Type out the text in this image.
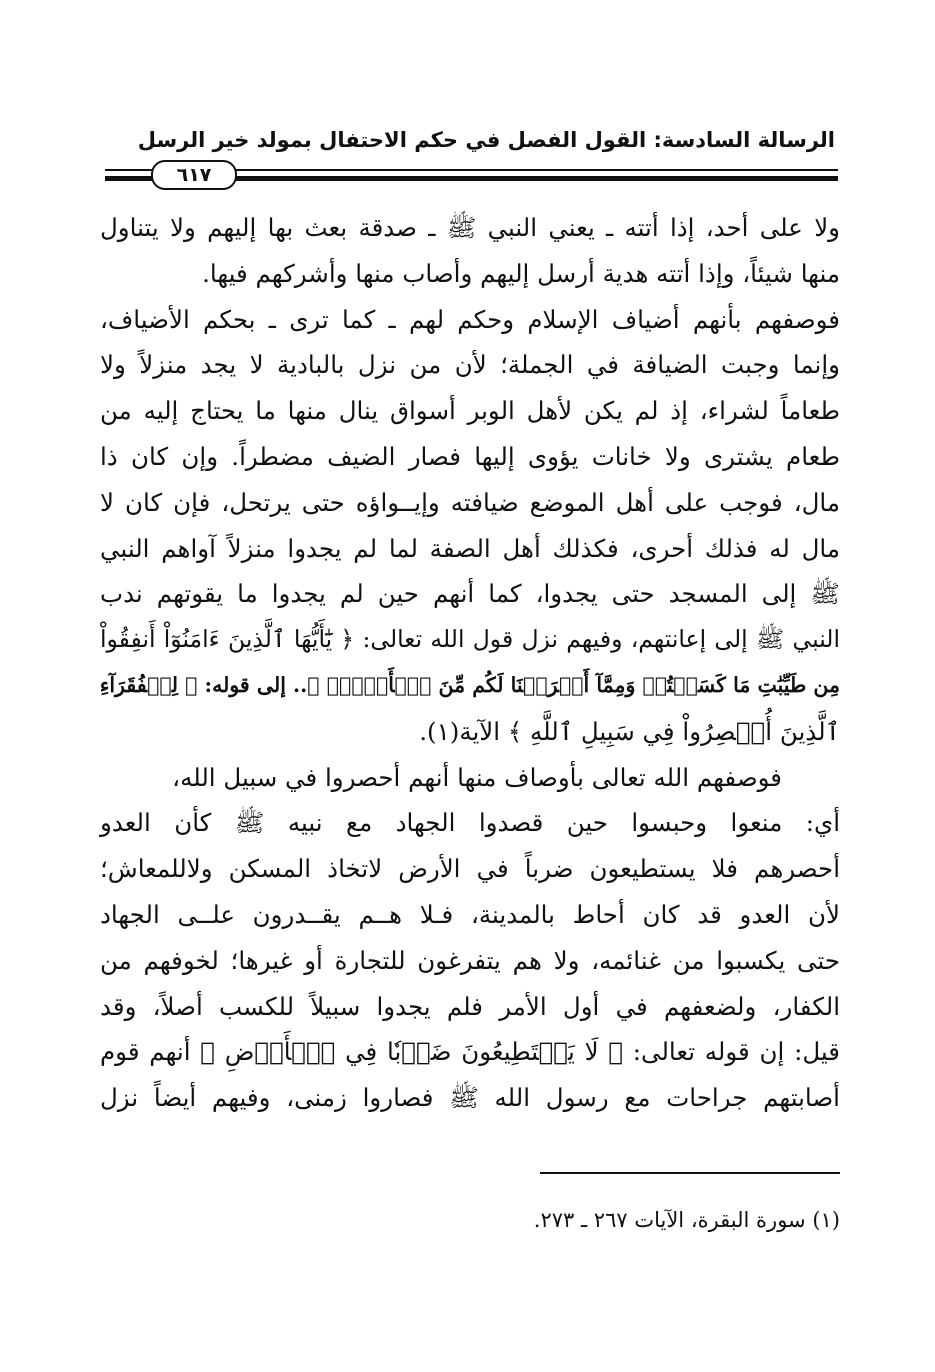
الرسالة السادسة: القول الفصل في حكم الاحتفال بمولد خير الرسل
٦١٧
ولا على أحد، إذا أتته ـ يعني النبي ﷺ ـ صدقة بعث بها إليهم ولا يتناول
منها شيئاً، وإذا أتته هدية أرسل إليهم وأصاب منها وأشركهم فيها.
فوصفهم بأنهم أضياف الإسلام وحكم لهم ـ كما ترى ـ بحكم الأضياف،
وإنما وجبت الضيافة في الجملة؛ لأن من نزل بالبادية لا يجد منزلاً ولا
طعاماً لشراء، إذ لم يكن لأهل الوبر أسواق ينال منها ما يحتاج إليه من
طعام يشترى ولا خانات يؤوى إليها فصار الضيف مضطراً. وإن كان ذا
مال، فوجب على أهل الموضع ضيافته وإيــواؤه حتى يرتحل، فإن كان لا
مال له فذلك أحرى، فكذلك أهل الصفة لما لم يجدوا منزلاً آواهم النبي
ﷺ إلى المسجد حتى يجدوا، كما أنهم حين لم يجدوا ما يقوتهم ندب
النبي ﷺ إلى إعانتهم، وفيهم نزل قول الله تعالى: ﴿ يَٰٓأَيُّهَا ٱلَّذِينَ ءَامَنُوٓاْ أَنفِقُواْ
مِن طَيِّبَٰتِ مَا كَسَبۡتُمۡ وَمِمَّآ أَخۡرَجۡنَا لَكُم مِّنَ ٱلۡأَرۡضِۖ ﴾.. إلى قوله: ﴿ لِلۡفُقَرَآءِ
ٱلَّذِينَ أُحۡصِرُواْ فِي سَبِيلِ ٱللَّهِ ﴾ الآية(١).
فوصفهم الله تعالى بأوصاف منها أنهم أحصروا في سبيل الله،
أي: منعوا وحبسوا حين قصدوا الجهاد مع نبيه ﷺ كأن العدو
أحصرهم فلا يستطيعون ضرباً في الأرض لاتخاذ المسكن ولاللمعاش؛
لأن العدو قد كان أحاط بالمدينة، فـلا هــم يقــدرون علــى الجهاد
حتى يكسبوا من غنائمه، ولا هم يتفرغون للتجارة أو غيرها؛ لخوفهم من
الكفار، ولضعفهم في أول الأمر فلم يجدوا سبيلاً للكسب أصلاً، وقد
قيل: إن قوله تعالى: ﴿ لَا يَسۡتَطِيعُونَ ضَرۡبٗا فِي ٱلۡأَرۡضِ ﴾ أنهم قوم
أصابتهم جراحات مع رسول الله ﷺ فصاروا زمنى، وفيهم أيضاً نزل
(١) سورة البقرة، الآيات ٢٦٧ ـ ٢٧٣.
